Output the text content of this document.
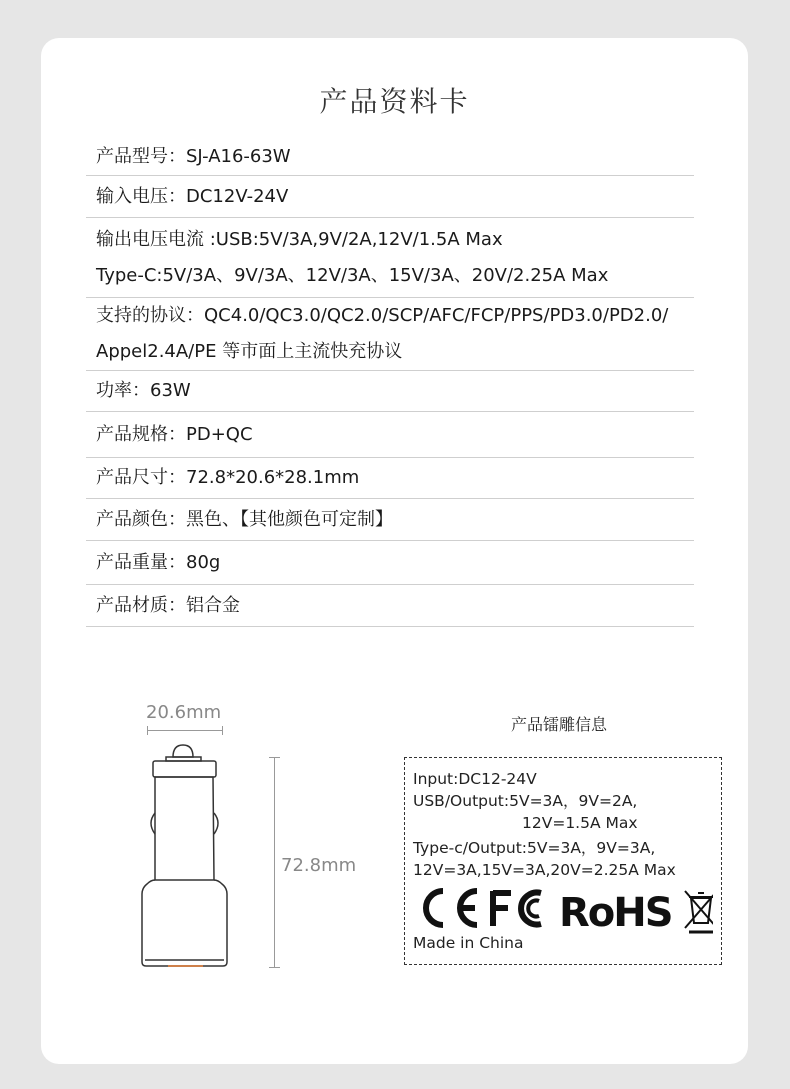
产品资料卡
产品型号：SJ-A16-63W
输入电压：DC12V-24V
输出电压电流 :USB:5V/3A,9V/2A,12V/1.5A Max
Type-C:5V/3A、9V/3A、12V/3A、15V/3A、20V/2.25A Max
支持的协议：QC4.0/QC3.0/QC2.0/SCP/AFC/FCP/PPS/PD3.0/PD2.0/
Appel2.4A/PE 等市面上主流快充协议
功率：63W
产品规格：PD+QC
产品尺寸：72.8*20.6*28.1mm
产品颜色：黑色、【其他颜色可定制】
产品重量：80g
产品材质：铝合金
20.6mm
72.8mm
产品镭雕信息
Input:DC12-24V
USB/Output:5V=3A，9V=2A,
12V=1.5A Max
Type-c/Output:5V=3A，9V=3A,
12V=3A,15V=3A,20V=2.25A Max
RoHS
Made in China
